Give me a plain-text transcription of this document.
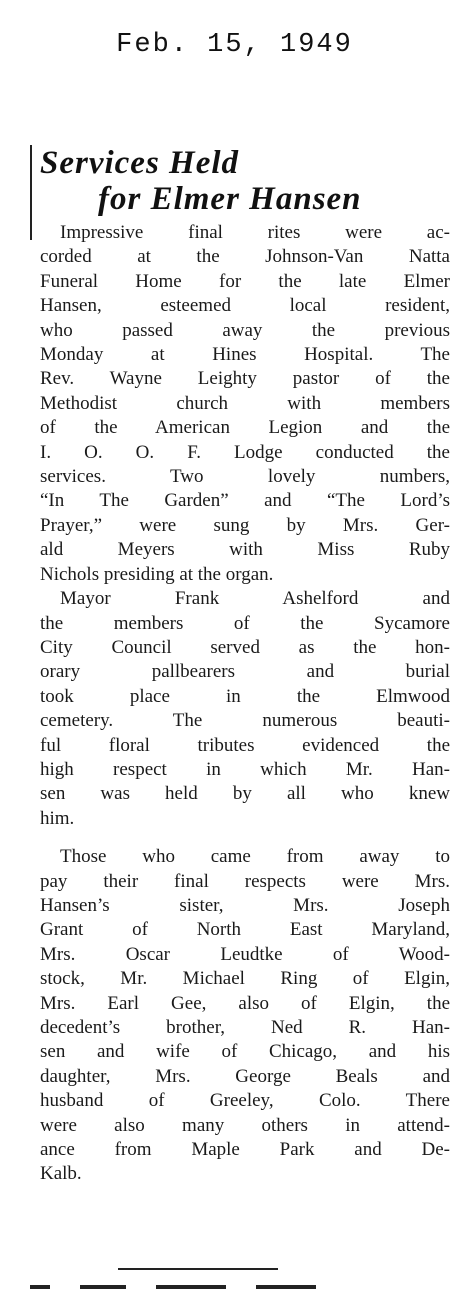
Feb. 15, 1949
Services Held
for Elmer Hansen
Impressive final rites were ac-
corded at the Johnson-Van Natta
Funeral Home for the late Elmer
Hansen, esteemed local resident,
who passed away the previous
Monday at Hines Hospital. The
Rev. Wayne Leighty pastor of the
Methodist church with members
of the American Legion and the
I. O. O. F. Lodge conducted the
services. Two lovely numbers,
“In The Garden” and “The Lord’s
Prayer,” were sung by Mrs. Ger-
ald Meyers with Miss Ruby
Nichols presiding at the organ.
Mayor Frank Ashelford and
the members of the Sycamore
City Council served as the hon-
orary pallbearers and burial
took place in the Elmwood
cemetery. The numerous beauti-
ful floral tributes evidenced the
high respect in which Mr. Han-
sen was held by all who knew
him.
Those who came from away to
pay their final respects were Mrs.
Hansen’s sister, Mrs. Joseph
Grant of North East Maryland,
Mrs. Oscar Leudtke of Wood-
stock, Mr. Michael Ring of Elgin,
Mrs. Earl Gee, also of Elgin, the
decedent’s brother, Ned R. Han-
sen and wife of Chicago, and his
daughter, Mrs. George Beals and
husband of Greeley, Colo. There
were also many others in attend-
ance from Maple Park and De-
Kalb.
